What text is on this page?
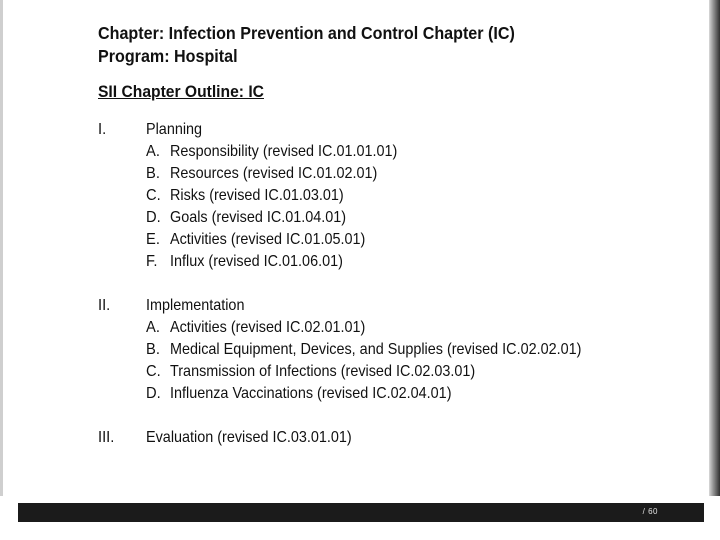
Chapter: Infection Prevention and Control Chapter (IC)
Program: Hospital
SII Chapter Outline: IC
I. Planning
A. Responsibility (revised IC.01.01.01)
B. Resources (revised IC.01.02.01)
C. Risks (revised IC.01.03.01)
D. Goals (revised IC.01.04.01)
E. Activities (revised IC.01.05.01)
F. Influx (revised IC.01.06.01)
II. Implementation
A. Activities (revised IC.02.01.01)
B. Medical Equipment, Devices, and Supplies (revised IC.02.02.01)
C. Transmission of Infections (revised IC.02.03.01)
D. Influenza Vaccinations (revised IC.02.04.01)
III. Evaluation (revised IC.03.01.01)
/ 60
